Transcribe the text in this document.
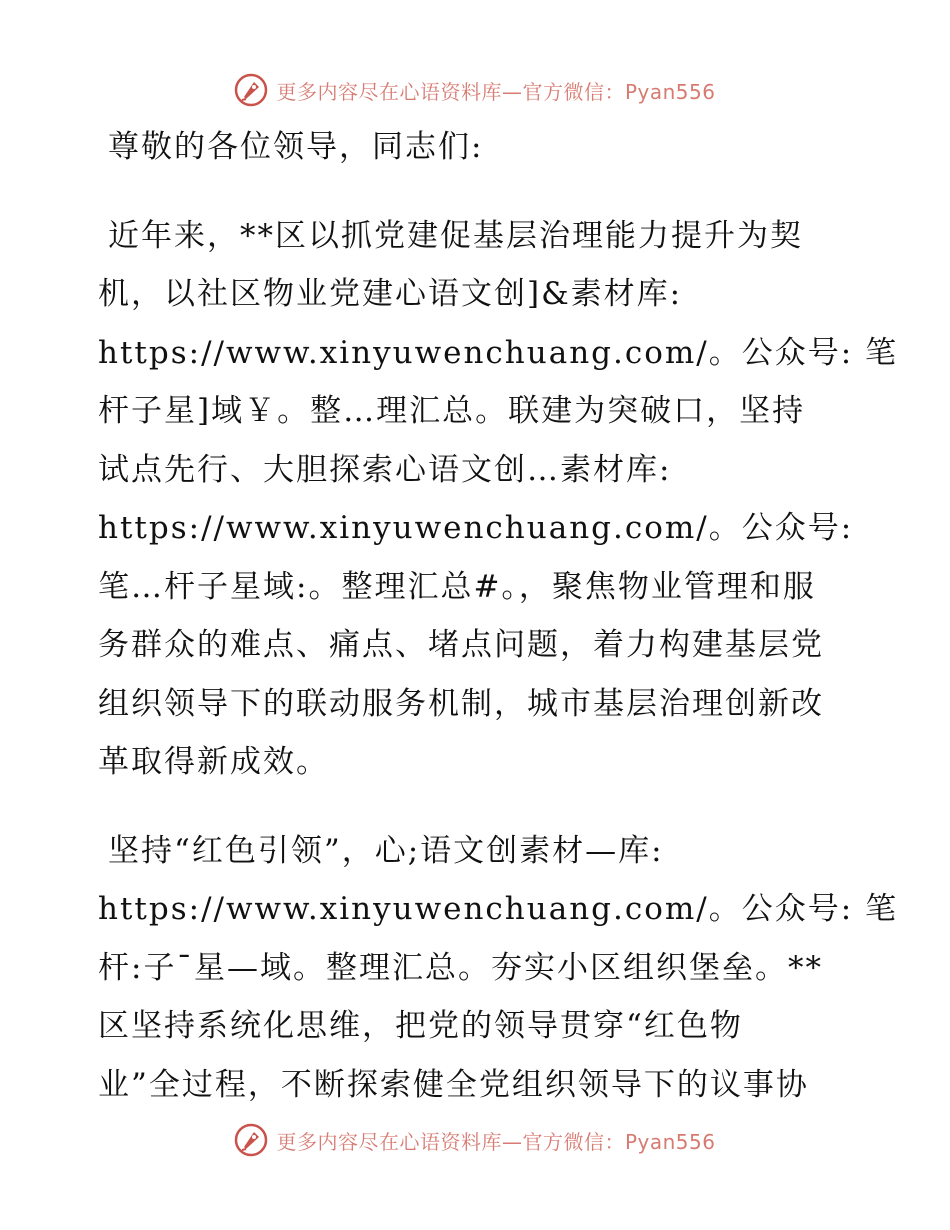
更多内容尽在心语资料库—官方微信：Pyan556
尊敬的各位领导，同志们:
近年来，**区以抓党建促基层治理能力提升为契
机，以社区物业党建心语文创]&素材库:
https://www.xinyuwenchuang.com/。公众号: 笔
杆子星]域￥。整…理汇总。联建为突破口，坚持
试点先行、大胆探索心语文创…素材库:
https://www.xinyuwenchuang.com/。公众号:
笔…杆子星域:。整理汇总#。，聚焦物业管理和服
务群众的难点、痛点、堵点问题，着力构建基层党
组织领导下的联动服务机制，城市基层治理创新改
革取得新成效。
坚持“红色引领”，心;语文创素材—库:
https://www.xinyuwenchuang.com/。公众号: 笔
杆:子¯星—域。整理汇总。夯实小区组织堡垒。**
区坚持系统化思维，把党的领导贯穿“红色物
业”全过程，不断探索健全党组织领导下的议事协
更多内容尽在心语资料库—官方微信：Pyan556
